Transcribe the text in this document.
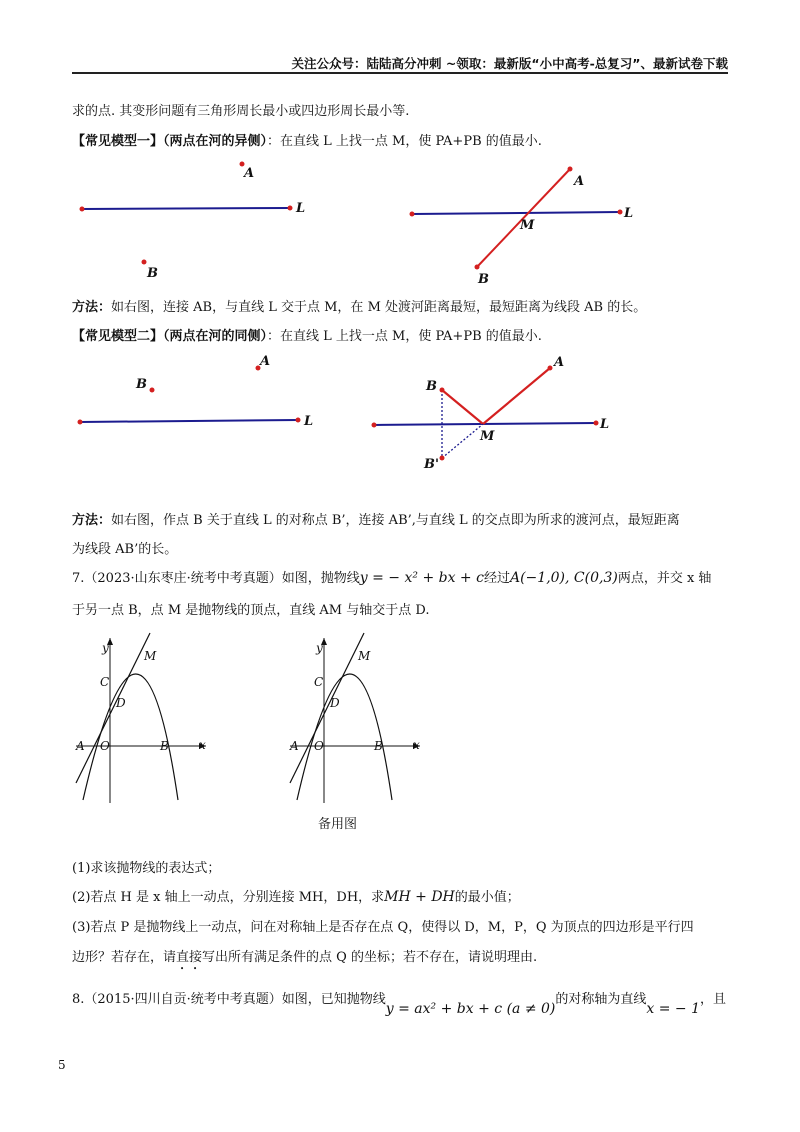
关注公众号：陆陆高分冲刺 ~领取：最新版“小中高考-总复习”、最新试卷下载
求的点. 其变形问题有三角形周长最小或四边形周长最小等.
【常见模型一】（两点在河的异侧）：在直线 L 上找一点 M，使 PA+PB 的值最小.
A
B
L
A
B
M
L
方法：如右图，连接 AB，与直线 L 交于点 M，在 M 处渡河距离最短，最短距离为线段 AB 的长。
【常见模型二】（两点在河的同侧）：在直线 L 上找一点 M，使 PA+PB 的值最小.
A
B
L
A
B
B'
M
L
方法：如右图，作点 B 关于直线 L 的对称点 B’，连接 AB’,与直线 L 的交点即为所求的渡河点，最短距离
为线段 AB’的长。
7.（2023·山东枣庄·统考中考真题）如图，抛物线y = − x² + bx + c经过A(−1,0), C(0,3)两点，并交 x 轴
于另一点 B，点 M 是抛物线的顶点，直线 AM 与轴交于点 D.
y
x
M
C
D
A O	B
y
x
M
C
D
A O	B
备用图
(1)求该抛物线的表达式；
(2)若点 H 是 x 轴上一动点，分别连接 MH，DH，求MH + DH的最小值；
(3)若点 P 是抛物线上一动点，问在对称轴上是否存在点 Q，使得以 D，M，P，Q 为顶点的四边形是平行四
边形？若存在，请直接写出所有满足条件的点 Q 的坐标；若不存在，请说明理由.
8.（2015·四川自贡·统考中考真题）如图，已知抛物线y = ax² + bx + c (a ≠ 0)的对称轴为直线x = − 1，且
5
